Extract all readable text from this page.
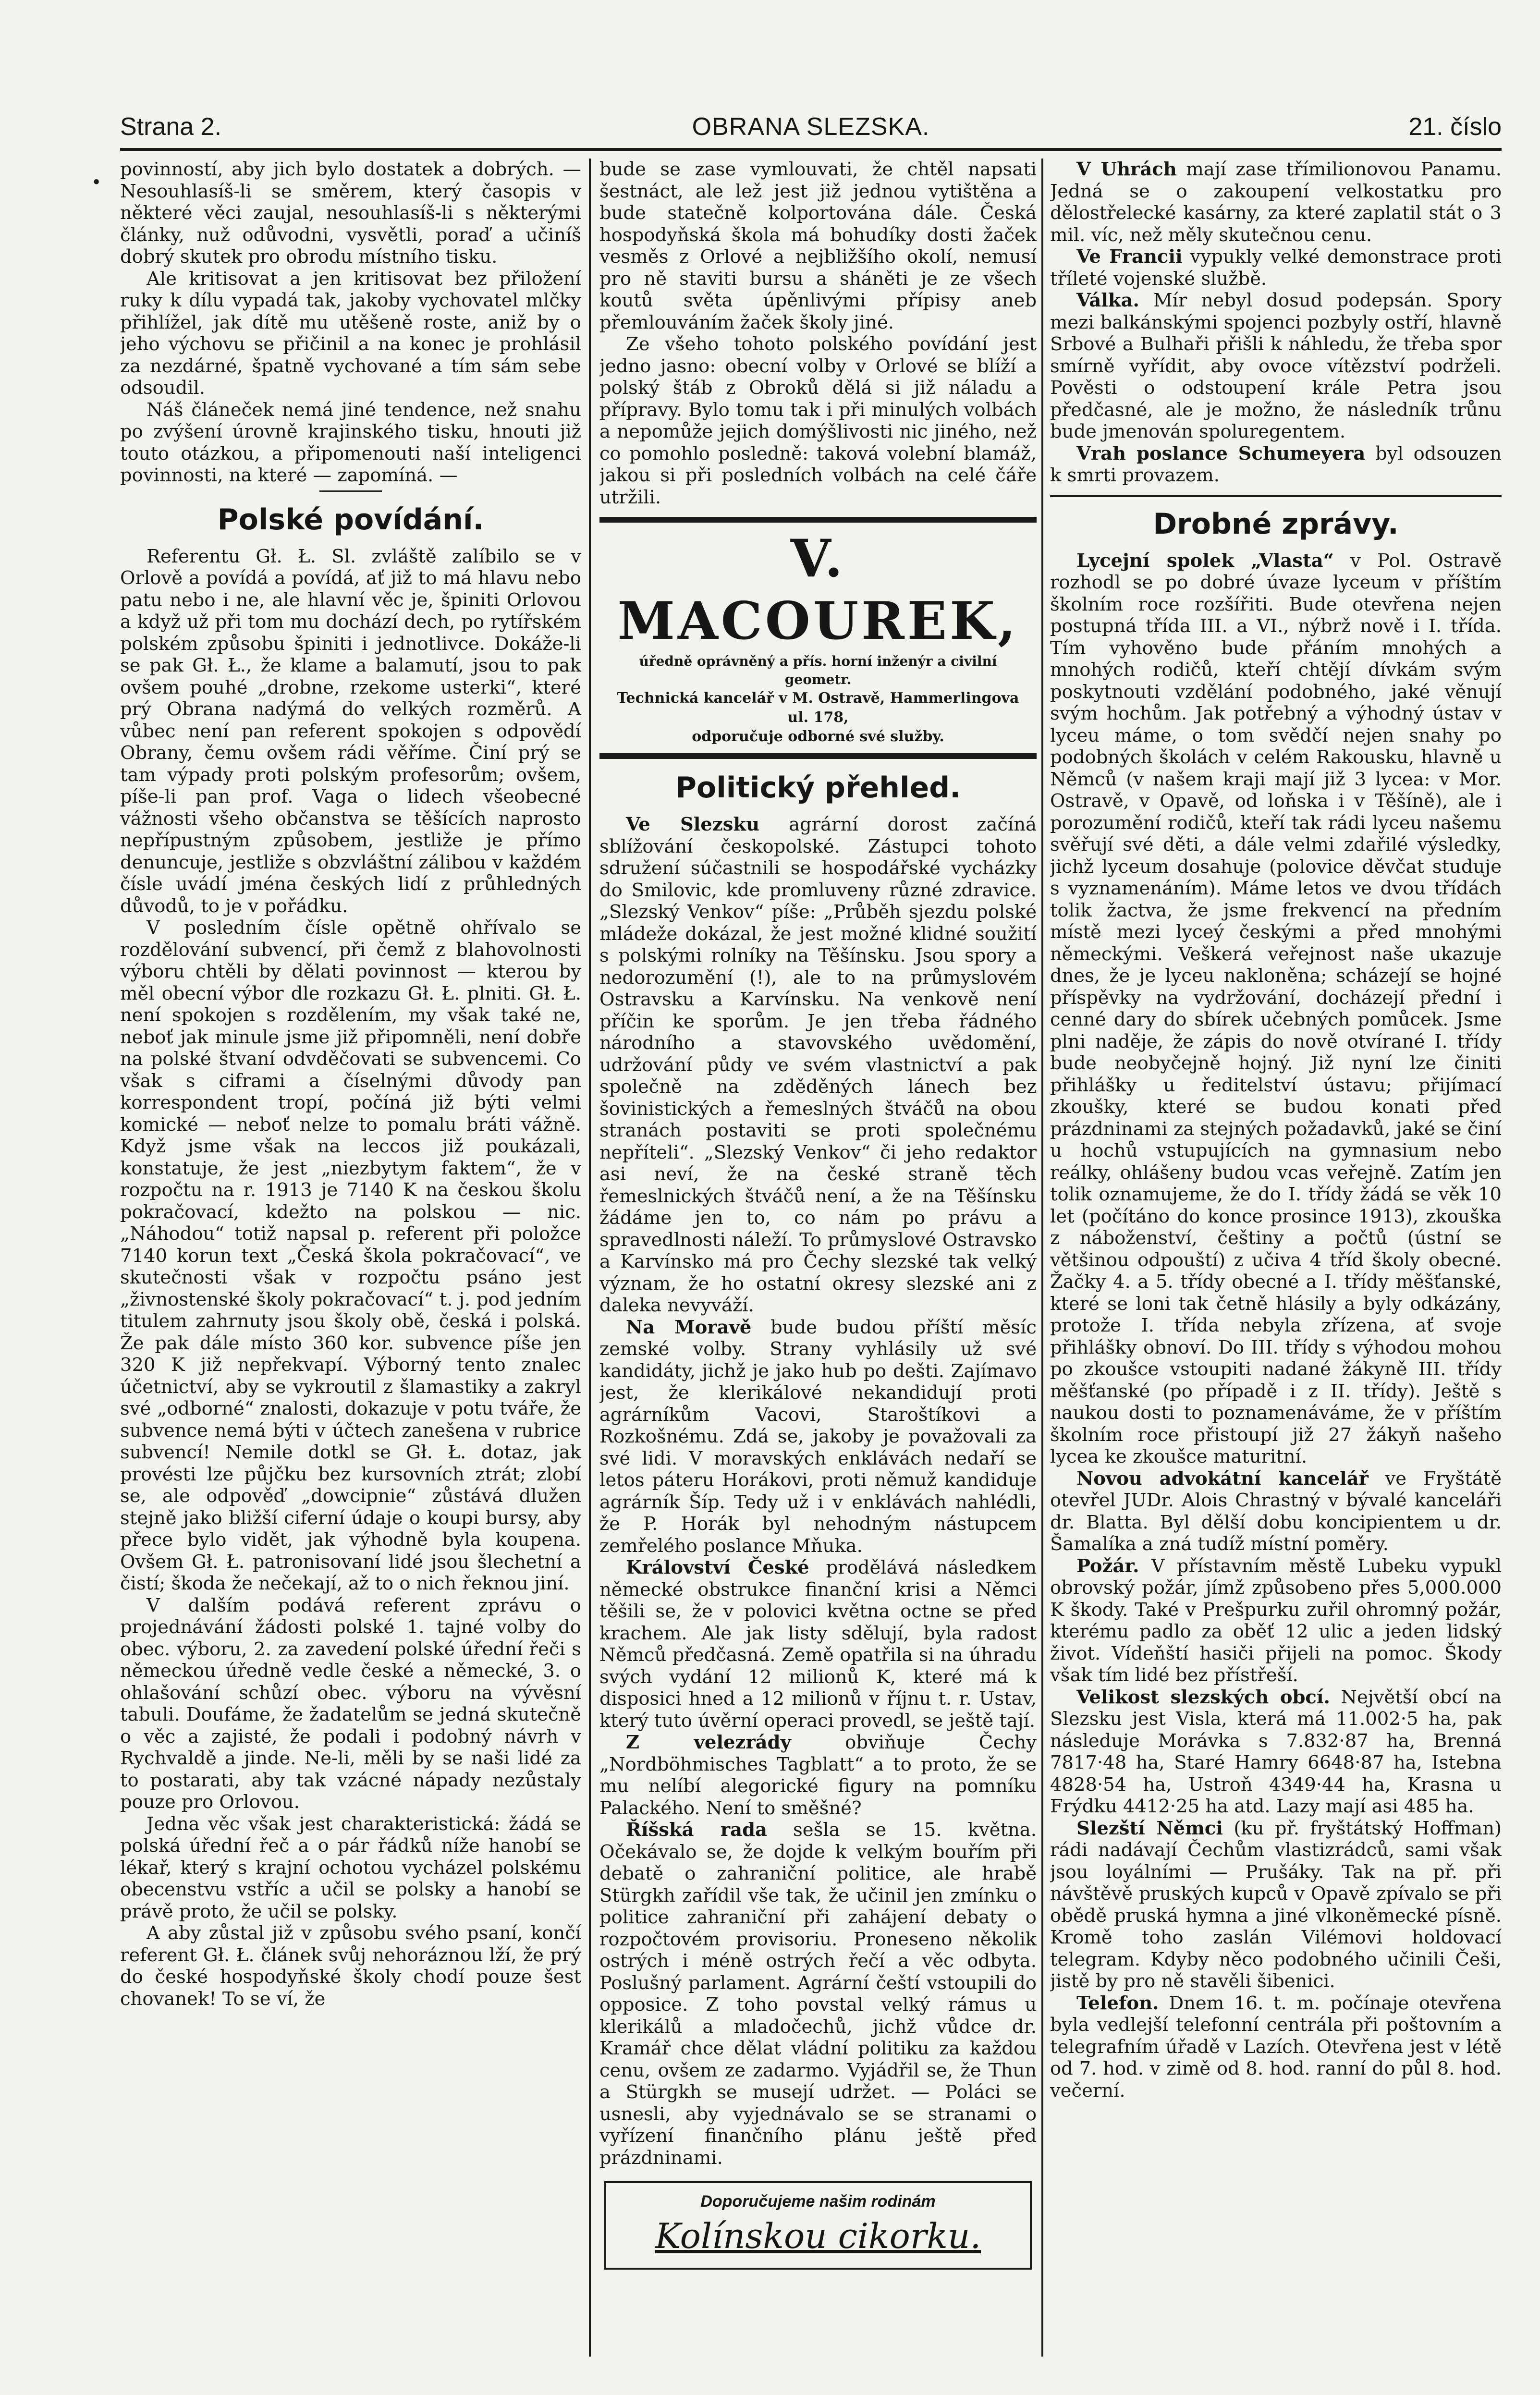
Strana 2.	OBRANA SLEZSKA.	21. číslo
•

povinností, aby jich bylo dostatek a dobrých. — Nesouhlasíš-li se směrem, který časopis v některé věci zaujal, nesouhlasíš-li s některými články, nuž odůvodni, vysvětli, poraď a učiníš dobrý skutek pro obrodu místního tisku.

Ale kritisovat a jen kritisovat bez přiložení ruky k dílu vypadá tak, jakoby vychovatel mlčky přihlížel, jak dítě mu utěšeně roste, aniž by o jeho výchovu se přičinil a na konec je prohlásil za nezdárné, špatně vychované a tím sám sebe odsoudil.

Náš článeček nemá jiné tendence, než snahu po zvýšení úrovně krajinského tisku, hnouti již touto otázkou, a připomenouti naší inteligenci povinnosti, na které — zapomíná. —

Polské povídání.

Referentu Gł. Ł. Sl. zvláště zalíbilo se v Orlově a povídá a povídá, ať již to má hlavu nebo patu nebo i ne, ale hlavní věc je, špiniti Orlovou a když už při tom mu dochází dech, po rytířském polském způsobu špiniti i jednotlivce. Dokáže-li se pak Gł. Ł., že klame a balamutí, jsou to pak ovšem pouhé „drobne, rzekome usterki“, které prý Obrana nadýmá do velkých rozměrů. A vůbec není pan referent spokojen s odpovědí Obrany, čemu ovšem rádi věříme. Činí prý se tam výpady proti polským profesorům; ovšem, píše-li pan prof. Vaga o lidech všeobecné vážnosti všeho občanstva se těšících naprosto nepřípustným způsobem, jestliže je přímo denuncuje, jestliže s obzvláštní zálibou v každém čísle uvádí jména českých lidí z průhledných důvodů, to je v pořádku.

V posledním čísle opětně ohřívalo se rozdělování subvencí, při čemž z blahovolnosti výboru chtěli by dělati povinnost — kterou by měl obecní výbor dle rozkazu Gł. Ł. plniti. Gł. Ł. není spokojen s rozdělením, my však také ne, neboť jak minule jsme již připomněli, není dobře na polské štvaní odvděčovati se subvencemi. Co však s ciframi a číselnými důvody pan korrespondent tropí, počíná již býti velmi komické — neboť nelze to pomalu bráti vážně. Když jsme však na leccos již poukázali, konstatuje, že jest „niezbytym faktem“, že v rozpočtu na r. 1913 je 7140 K na českou školu pokračovací, kdežto na polskou — nic. „Náhodou“ totiž napsal p. referent při položce 7140 korun text „Česká škola pokračovací“, ve skutečnosti však v rozpočtu psáno jest „živnostenské školy pokračovací“ t. j. pod jedním titulem zahrnuty jsou školy obě, česká i polská. Že pak dále místo 360 kor. subvence píše jen 320 K již nepřekvapí. Výborný tento znalec účetnictví, aby se vykroutil z šlamastiky a zakryl své „odborné“ znalosti, dokazuje v potu tváře, že subvence nemá býti v účtech zanešena v rubrice subvencí! Nemile dotkl se Gł. Ł. dotaz, jak provésti lze půjčku bez kursovních ztrát; zlobí se, ale odpověď „dowcipnie“ zůstává dlužen stejně jako bližší ciferní údaje o koupi bursy, aby přece bylo vidět, jak výhodně byla koupena. Ovšem Gł. Ł. patronisovaní lidé jsou šlechetní a čistí; škoda že nečekají, až to o nich řeknou jiní.

V dalším podává referent zprávu o projednávání žádosti polské 1. tajné volby do obec. výboru, 2. za zavedení polské úřední řeči s německou úředně vedle české a německé, 3. o ohlašování schůzí obec. výboru na vývěsní tabuli. Doufáme, že žadatelům se jedná skutečně o věc a zajisté, že podali i podobný návrh v Rychvaldě a jinde. Ne-li, měli by se naši lidé za to postarati, aby tak vzácné nápady nezůstaly pouze pro Orlovou.

Jedna věc však jest charakteristická: žádá se polská úřední řeč a o pár řádků níže hanobí se lékař, který s krajní ochotou vycházel polskému obecenstvu vstříc a učil se polsky a hanobí se právě proto, že učil se polsky.

A aby zůstal již v způsobu svého psaní, končí referent Gł. Ł. článek svůj nehoráznou lží, že prý do české hospodyňské školy chodí pouze šest chovanek! To se ví, že

bude se zase vymlouvati, že chtěl napsati šestnáct, ale lež jest již jednou vytištěna a bude statečně kolportována dále. Česká hospodyňská škola má bohudíky dosti žaček vesměs z Orlové a nejbližšího okolí, nemusí pro ně staviti bursu a sháněti je ze všech koutů světa úpěnlivými přípisy aneb přemlouváním žaček školy jiné.

Ze všeho tohoto polského povídání jest jedno jasno: obecní volby v Orlové se blíží a polský štáb z Obroků dělá si již náladu a přípravy. Bylo tomu tak i při minulých volbách a nepomůže jejich domýšlivosti nic jiného, než co pomohlo posledně: taková volební blamáž, jakou si při posledních volbách na celé čáře utržili.

V. MACOUREK,
úředně oprávněný a přís. horní inženýr a civilní geometr.
Technická kancelář v M. Ostravě, Hammerlingova ul. 178,
odporučuje odborné své služby.
Politický přehled.

Ve Slezsku agrární dorost začíná sblížování českopolské. Zástupci tohoto sdružení súčastnili se hospodářské vycházky do Smilovic, kde promluveny různé zdravice. „Slezský Venkov“ píše: „Průběh sjezdu polské mládeže dokázal, že jest možné klidné soužití s polskými rolníky na Těšínsku. Jsou spory a nedorozumění (!), ale to na průmyslovém Ostravsku a Karvínsku. Na venkově není příčin ke sporům. Je jen třeba řádného národního a stavovského uvědomění, udržování půdy ve svém vlastnictví a pak společně na zděděných lánech bez šovinistických a řemeslných štváčů na obou stranách postaviti se proti společnému nepříteli“. „Slezský Venkov“ či jeho redaktor asi neví, že na české straně těch řemeslnických štváčů není, a že na Těšínsku žádáme jen to, co nám po právu a spravedlnosti náleží. To průmyslové Ostravsko a Karvínsko má pro Čechy slezské tak velký význam, že ho ostatní okresy slezské ani z daleka nevyváží.

Na Moravě bude budou příští měsíc zemské volby. Strany vyhlásily už své kandidáty, jichž je jako hub po dešti. Zajímavo jest, že klerikálové nekandidují proti agrárníkům Vacovi, Staroštíkovi a Rozkošnému. Zdá se, jakoby je považovali za své lidi. V moravských enklávách nedaří se letos páteru Horákovi, proti němuž kandiduje agrárník Šíp. Tedy už i v enklávách nahlédli, že P. Horák byl nehodným nástupcem zemřelého poslance Mňuka.

Království České prodělává následkem německé obstrukce finanční krisi a Němci těšili se, že v polovici května octne se před krachem. Ale jak listy sdělují, byla radost Němců předčasná. Země opatřila si na úhradu svých vydání 12 milionů K, které má k disposici hned a 12 milionů v říjnu t. r. Ustav, který tuto úvěrní operaci provedl, se ještě tají.

Z velezrády obviňuje Čechy „Nordböhmisches Tagblatt“ a to proto, že se mu nelíbí alegorické figury na pomníku Palackého. Není to směšné?

Říšská rada sešla se 15. května. Očekávalo se, že dojde k velkým bouřím při debatě o zahraniční politice, ale hrabě Stürgkh zařídil vše tak, že učinil jen zmínku o politice zahraniční při zahájení debaty o rozpočtovém provisoriu. Proneseno několik ostrých i méně ostrých řečí a věc odbyta. Poslušný parlament. Agrární čeští vstoupili do opposice. Z toho povstal velký rámus u klerikálů a mladočechů, jichž vůdce dr. Kramář chce dělat vládní politiku za každou cenu, ovšem ze zadarmo. Vyjádřil se, že Thun a Stürgkh se musejí udržet. — Poláci se usnesli, aby vyjednávalo se se stranami o vyřízení finančního plánu ještě před prázdninami.

Doporučujeme našim rodinám
Kolínskou cikorku.

V Uhrách mají zase třímilionovou Panamu. Jedná se o zakoupení velkostatku pro dělostřelecké kasárny, za které zaplatil stát o 3 mil. víc, než měly skutečnou cenu.

Ve Francii vypukly velké demonstrace proti tříleté vojenské službě.

Válka. Mír nebyl dosud podepsán. Spory mezi balkánskými spojenci pozbyly ostří, hlavně Srbové a Bulhaři přišli k náhledu, že třeba spor smírně vyřídit, aby ovoce vítězství podrželi. Pověsti o odstoupení krále Petra jsou předčasné, ale je možno, že následník trůnu bude jmenován spoluregentem.

Vrah poslance Schumeyera byl odsouzen k smrti provazem.

Drobné zprávy.

Lycejní spolek „Vlasta“ v Pol. Ostravě rozhodl se po dobré úvaze lyceum v příštím školním roce rozšířiti. Bude otevřena nejen postupná třída III. a VI., nýbrž nově i I. třída. Tím vyhověno bude přáním mnohých a mnohých rodičů, kteří chtějí dívkám svým poskytnouti vzdělání podobného, jaké věnují svým hochům. Jak potřebný a výhodný ústav v lyceu máme, o tom svědčí nejen snahy po podobných školách v celém Rakousku, hlavně u Němců (v našem kraji mají již 3 lycea: v Mor. Ostravě, v Opavě, od loňska i v Těšíně), ale i porozumění rodičů, kteří tak rádi lyceu našemu svěřují své děti, a dále velmi zdařilé výsledky, jichž lyceum dosahuje (polovice děvčat studuje s vyznamenáním). Máme letos ve dvou třídách tolik žactva, že jsme frekvencí na předním místě mezi lyceý českými a před mnohými německými. Veškerá veřejnost naše ukazuje dnes, že je lyceu nakloněna; scházejí se hojné příspěvky na vydržování, docházejí přední i cenné dary do sbírek učebných pomůcek. Jsme plni naděje, že zápis do nově otvírané I. třídy bude neobyčejně hojný. Již nyní lze činiti přihlášky u ředitelství ústavu; přijímací zkoušky, které se budou konati před prázdninami za stejných požadavků, jaké se činí u hochů vstupujících na gymnasium nebo reálky, ohlášeny budou vcas veřejně. Zatím jen tolik oznamujeme, že do I. třídy žádá se věk 10 let (počítáno do konce prosince 1913), zkouška z náboženství, češtiny a počtů (ústní se většinou odpouští) z učiva 4 tříd školy obecné. Žačky 4. a 5. třídy obecné a I. třídy měšťanské, které se loni tak četně hlásily a byly odkázány, protože I. třída nebyla zřízena, ať svoje přihlášky obnoví. Do III. třídy s výhodou mohou po zkoušce vstoupiti nadané žákyně III. třídy měšťanské (po případě i z II. třídy). Ještě s naukou dosti to poznamenáváme, že v příštím školním roce přistoupí již 27 žákyň našeho lycea ke zkoušce maturitní.

Novou advokátní kancelář ve Fryštátě otevřel JUDr. Alois Chrastný v bývalé kanceláři dr. Blatta. Byl dělší dobu koncipientem u dr. Šamalíka a zná tudíž místní poměry.

Požár. V přístavním městě Lubeku vypukl obrovský požár, jímž způsobeno přes 5,000.000 K škody. Také v Prešpurku zuřil ohromný požár, kterému padlo za oběť 12 ulic a jeden lidský život. Vídeňští hasiči přijeli na pomoc. Škody však tím lidé bez přístřeší.

Velikost slezských obcí. Největší obcí na Slezsku jest Visla, která má 11.002·5 ha, pak následuje Morávka s 7.832·87 ha, Brenná 7817·48 ha, Staré Hamry 6648·87 ha, Istebna 4828·54 ha, Ustroň 4349·44 ha, Krasna u Frýdku 4412·25 ha atd. Lazy mají asi 485 ha.

Slezští Němci (ku př. fryštátský Hoffman) rádi nadávají Čechům vlastizrádců, sami však jsou loyálními — Prušáky. Tak na př. při návštěvě pruských kupců v Opavě zpívalo se při obědě pruská hymna a jiné vlkoněmecké písně. Kromě toho zaslán Vilémovi holdovací telegram. Kdyby něco podobného učinili Češi, jistě by pro ně stavěli šibenici.

Telefon. Dnem 16. t. m. počínaje otevřena byla vedlejší telefonní centrála při poštovním a telegrafním úřadě v Lazích. Otevřena jest v létě od 7. hod. v zimě od 8. hod. ranní do půl 8. hod. večerní.
